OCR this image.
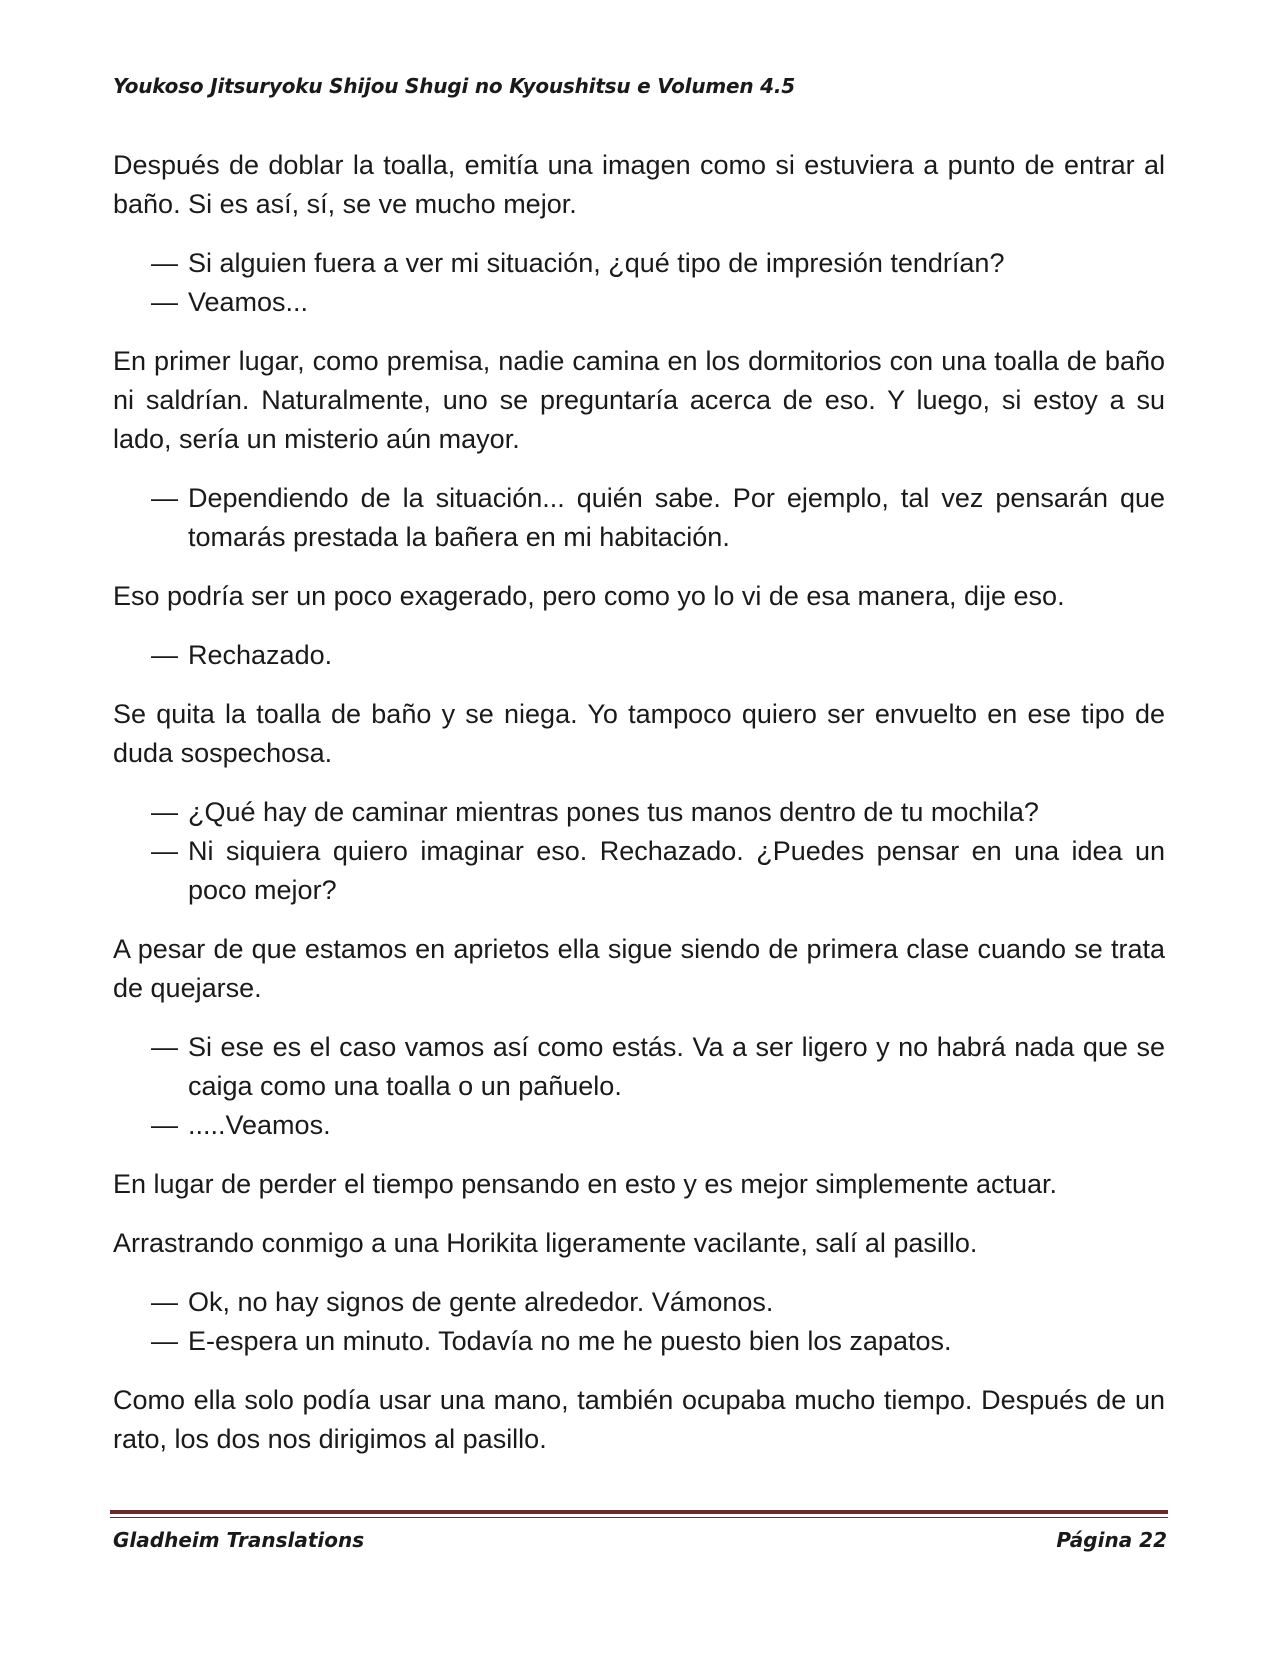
Youkoso Jitsuryoku Shijou Shugi no Kyoushitsu e Volumen 4.5

Después de doblar la toalla, emitía una imagen como si estuviera a punto de entrar al baño. Si es así, sí, se ve mucho mejor.

— Si alguien fuera a ver mi situación, ¿qué tipo de impresión tendrían?

— Veamos...

En primer lugar, como premisa, nadie camina en los dormitorios con una toalla de baño ni saldrían. Naturalmente, uno se preguntaría acerca de eso. Y luego, si estoy a su lado, sería un misterio aún mayor.

— Dependiendo de la situación... quién sabe. Por ejemplo, tal vez pensarán que tomarás prestada la bañera en mi habitación.

Eso podría ser un poco exagerado, pero como yo lo vi de esa manera, dije eso.

— Rechazado.

Se quita la toalla de baño y se niega. Yo tampoco quiero ser envuelto en ese tipo de duda sospechosa.

— ¿Qué hay de caminar mientras pones tus manos dentro de tu mochila?

— Ni siquiera quiero imaginar eso. Rechazado. ¿Puedes pensar en una idea un poco mejor?

A pesar de que estamos en aprietos ella sigue siendo de primera clase cuando se trata de quejarse.

— Si ese es el caso vamos así como estás. Va a ser ligero y no habrá nada que se caiga como una toalla o un pañuelo.

— .....Veamos.

En lugar de perder el tiempo pensando en esto y es mejor simplemente actuar.

Arrastrando conmigo a una Horikita ligeramente vacilante, salí al pasillo.

— Ok, no hay signos de gente alrededor. Vámonos.

— E-espera un minuto. Todavía no me he puesto bien los zapatos.

Como ella solo podía usar una mano, también ocupaba mucho tiempo. Después de un rato, los dos nos dirigimos al pasillo.

Gladheim Translations	Página 22
